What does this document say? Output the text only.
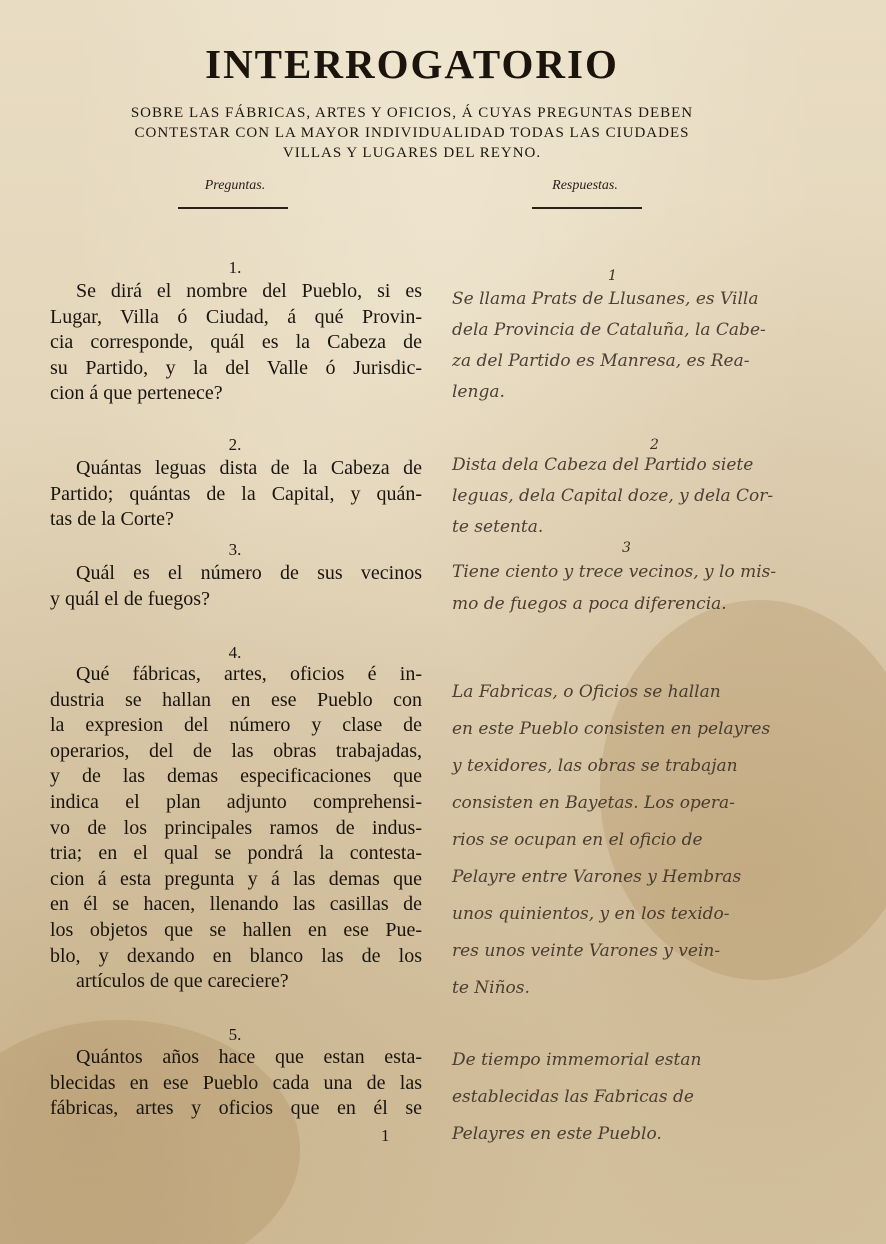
INTERROGATORIO
SOBRE LAS FÁBRICAS, ARTES Y OFICIOS, Á CUYAS PREGUNTAS DEBEN
CONTESTAR CON LA MAYOR INDIVIDUALIDAD TODAS LAS CIUDADES
VILLAS Y LUGARES DEL REYNO.
Preguntas.	Respuestas.
1.
Se dirá el nombre del Pueblo, si es
Lugar, Villa ó Ciudad, á qué Provin-
cia corresponde, quál es la Cabeza de
su Partido, y la del Valle ó Jurisdic-
cion á que pertenece?
2.
Quántas leguas dista de la Cabeza de
Partido; quántas de la Capital, y quán-
tas de la Corte?
3.
Quál es el número de sus vecinos
y quál el de fuegos?
4.
Qué fábricas, artes, oficios é in-
dustria se hallan en ese Pueblo con
la expresion del número y clase de
operarios, del de las obras trabajadas,
y de las demas especificaciones que
indica el plan adjunto comprehensi-
vo de los principales ramos de indus-
tria; en el qual se pondrá la contesta-
cion á esta pregunta y á las demas que
en él se hacen, llenando las casillas de
los objetos que se hallen en ese Pue-
blo, y dexando en blanco las de los
artículos de que careciere?
5.
Quántos años hace que estan esta-
blecidas en ese Pueblo cada una de las
fábricas, artes y oficios que en él se
1
Se llama Prats de Llusanes, es Villa
dela Provincia de Cataluña, la Cabe-
za del Partido es Manresa, es Rea-
lenga.
2
Dista dela Cabeza del Partido siete
leguas, dela Capital doze, y dela Cor-
te setenta.
3
Tiene ciento y trece vecinos, y lo mis-
mo de fuegos a poca diferencia.
La Fabricas, o Oficios se hallan
en este Pueblo consisten en pelayres
y texidores, las obras se trabajan
consisten en Bayetas. Los opera-
rios se ocupan en el oficio de
Pelayre entre Varones y Hembras
unos quinientos, y en los texido-
res unos veinte Varones y vein-
te Niños.
De tiempo immemorial estan
establecidas las Fabricas de
Pelayres en este Pueblo.
1
